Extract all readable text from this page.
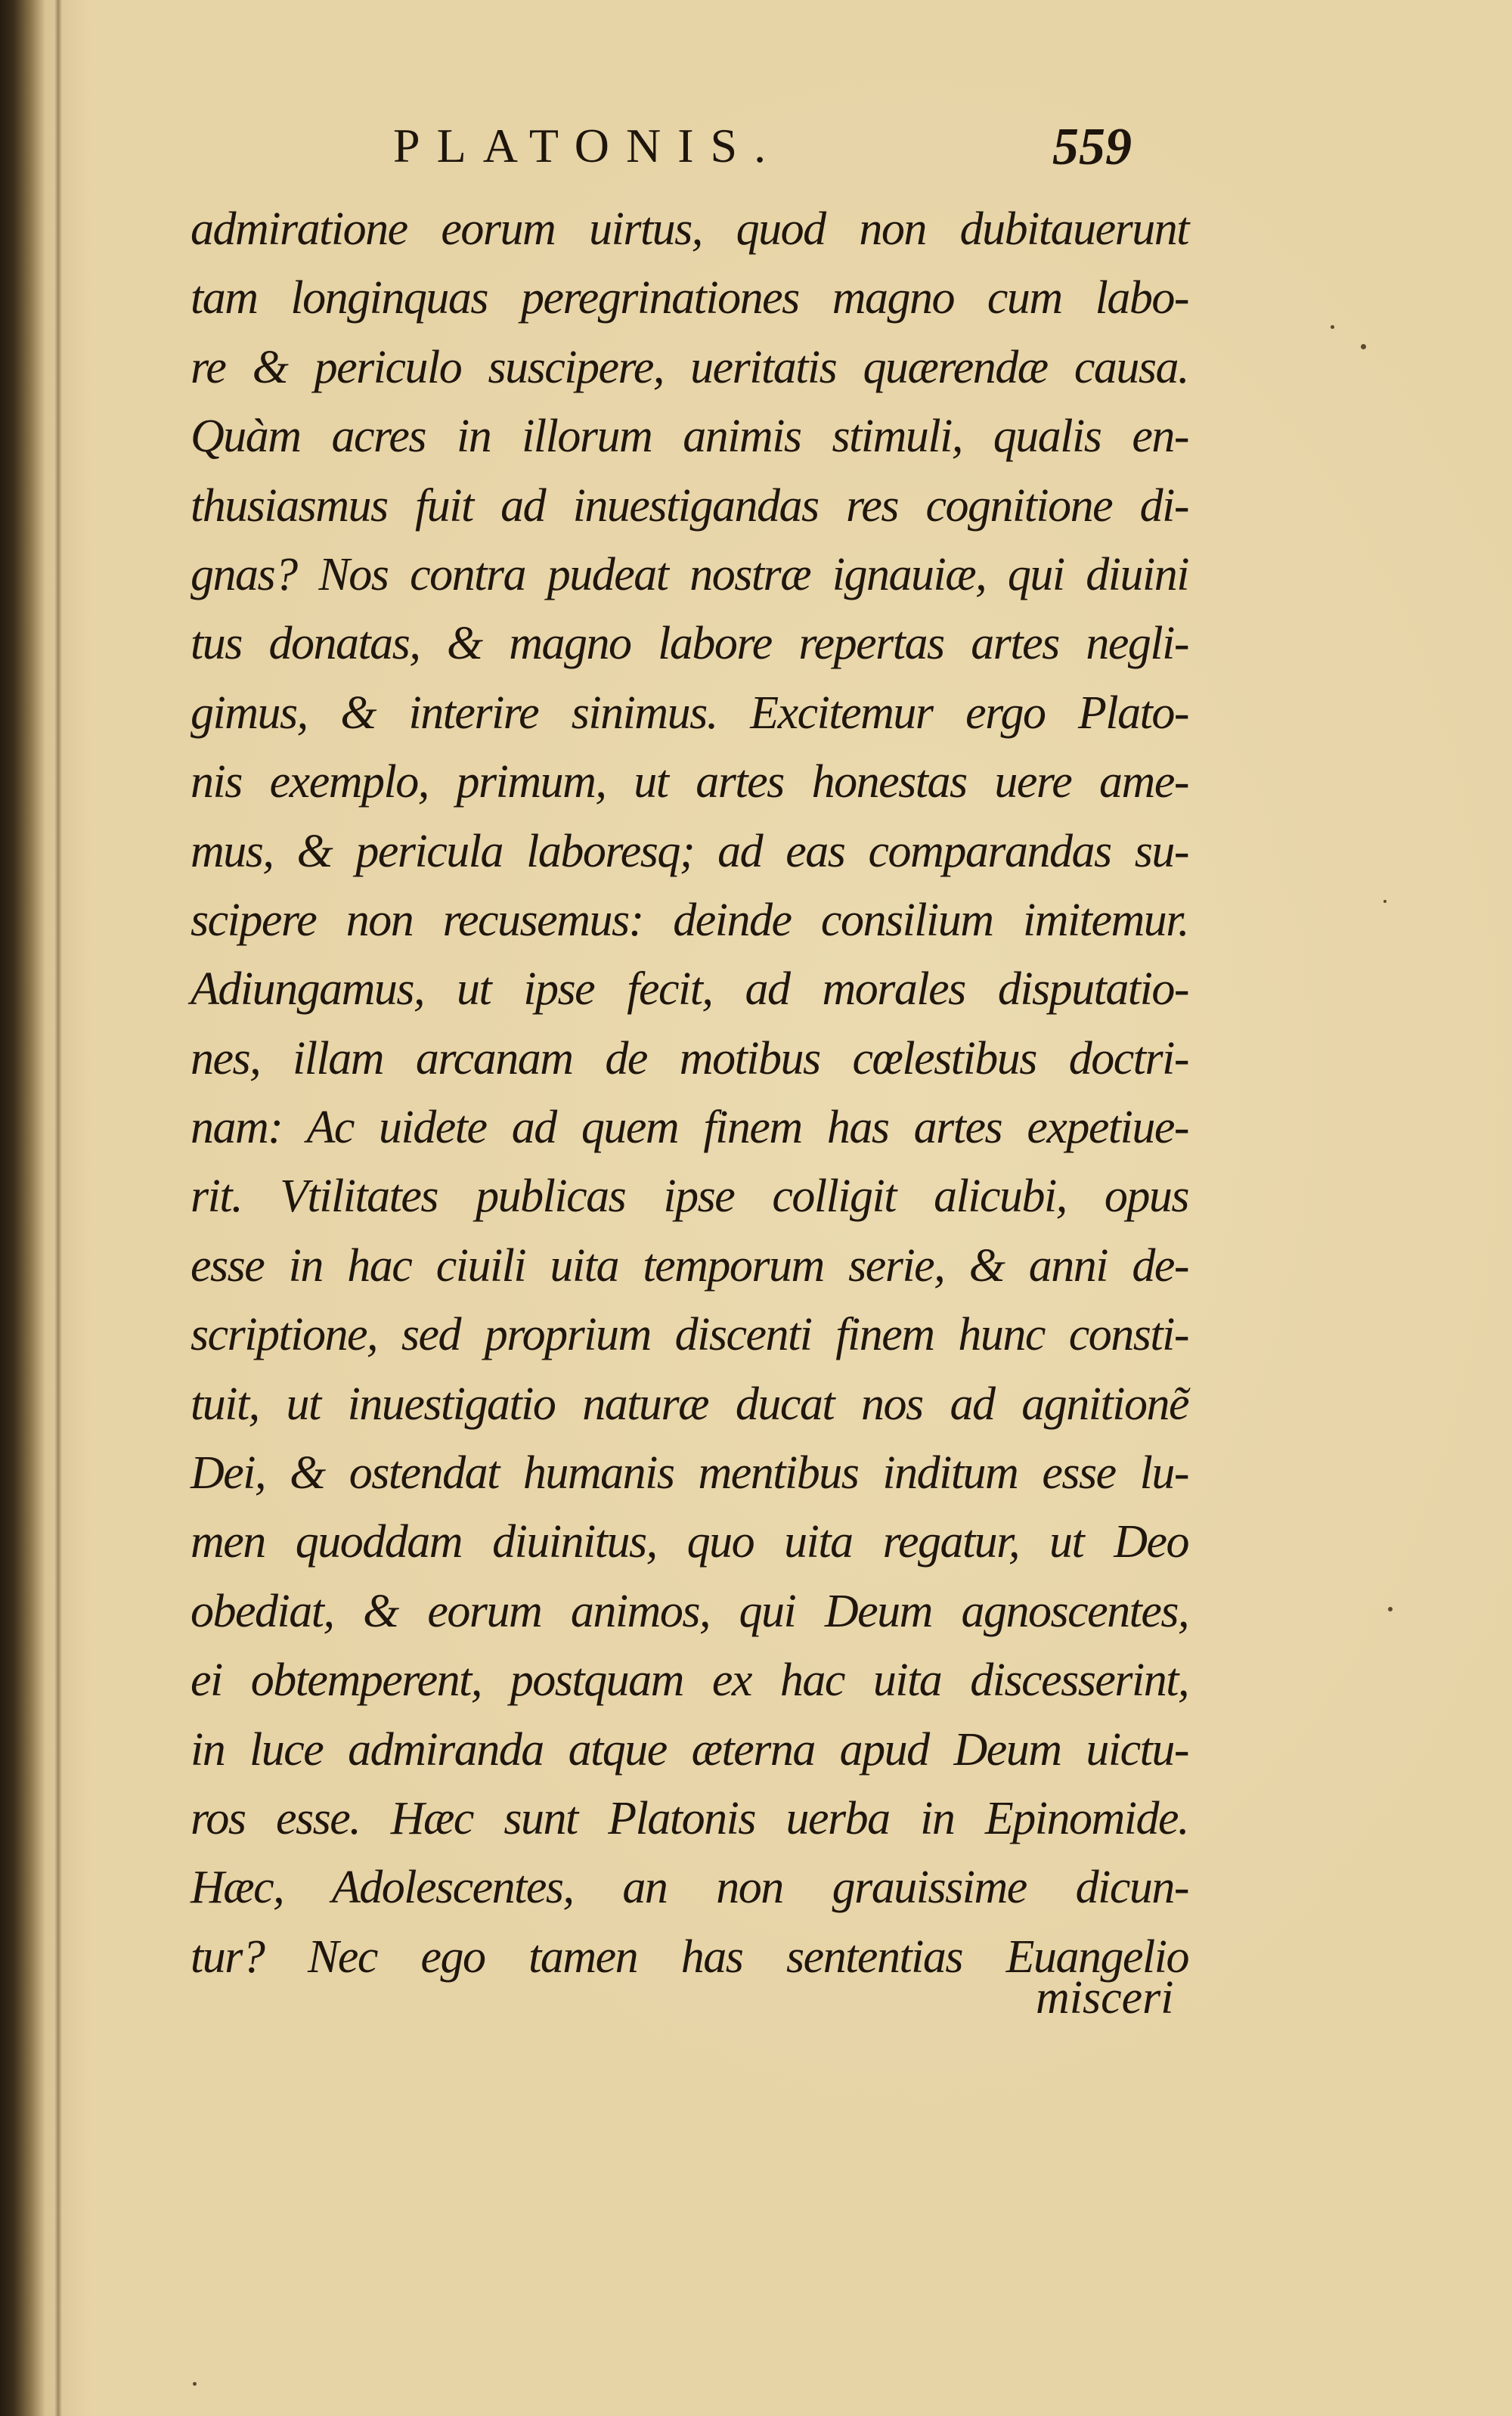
PLATONIS.	559
admiratione eorum uirtus, quod non dubitauerunt
tam longinquas peregrinationes magno cum labo-
re & periculo suscipere, ueritatis quærendæ causa.
Quàm acres in illorum animis stimuli, qualis en-
thusiasmus fuit ad inuestigandas res cognitione di-
gnas? Nos contra pudeat nostræ ignauiæ, qui diuini
tus donatas, & magno labore repertas artes negli-
gimus, & interire sinimus. Excitemur ergo Plato-
nis exemplo, primum, ut artes honestas uere ame-
mus, & pericula laboresq; ad eas comparandas su-
scipere non recusemus: deinde consilium imitemur.
Adiungamus, ut ipse fecit, ad morales disputatio-
nes, illam arcanam de motibus cœlestibus doctri-
nam: Ac uidete ad quem finem has artes expetiue-
rit. Vtilitates publicas ipse colligit alicubi, opus
esse in hac ciuili uita temporum serie, & anni de-
scriptione, sed proprium discenti finem hunc consti-
tuit, ut inuestigatio naturæ ducat nos ad agnitionẽ
Dei, & ostendat humanis mentibus inditum esse lu-
men quoddam diuinitus, quo uita regatur, ut Deo
obediat, & eorum animos, qui Deum agnoscentes,
ei obtemperent, postquam ex hac uita discesserint,
in luce admiranda atque æterna apud Deum uictu-
ros esse. Hæc sunt Platonis uerba in Epinomide.
Hæc, Adolescentes, an non grauissime dicun-
tur? Nec ego tamen has sententias Euangelio
misceri
